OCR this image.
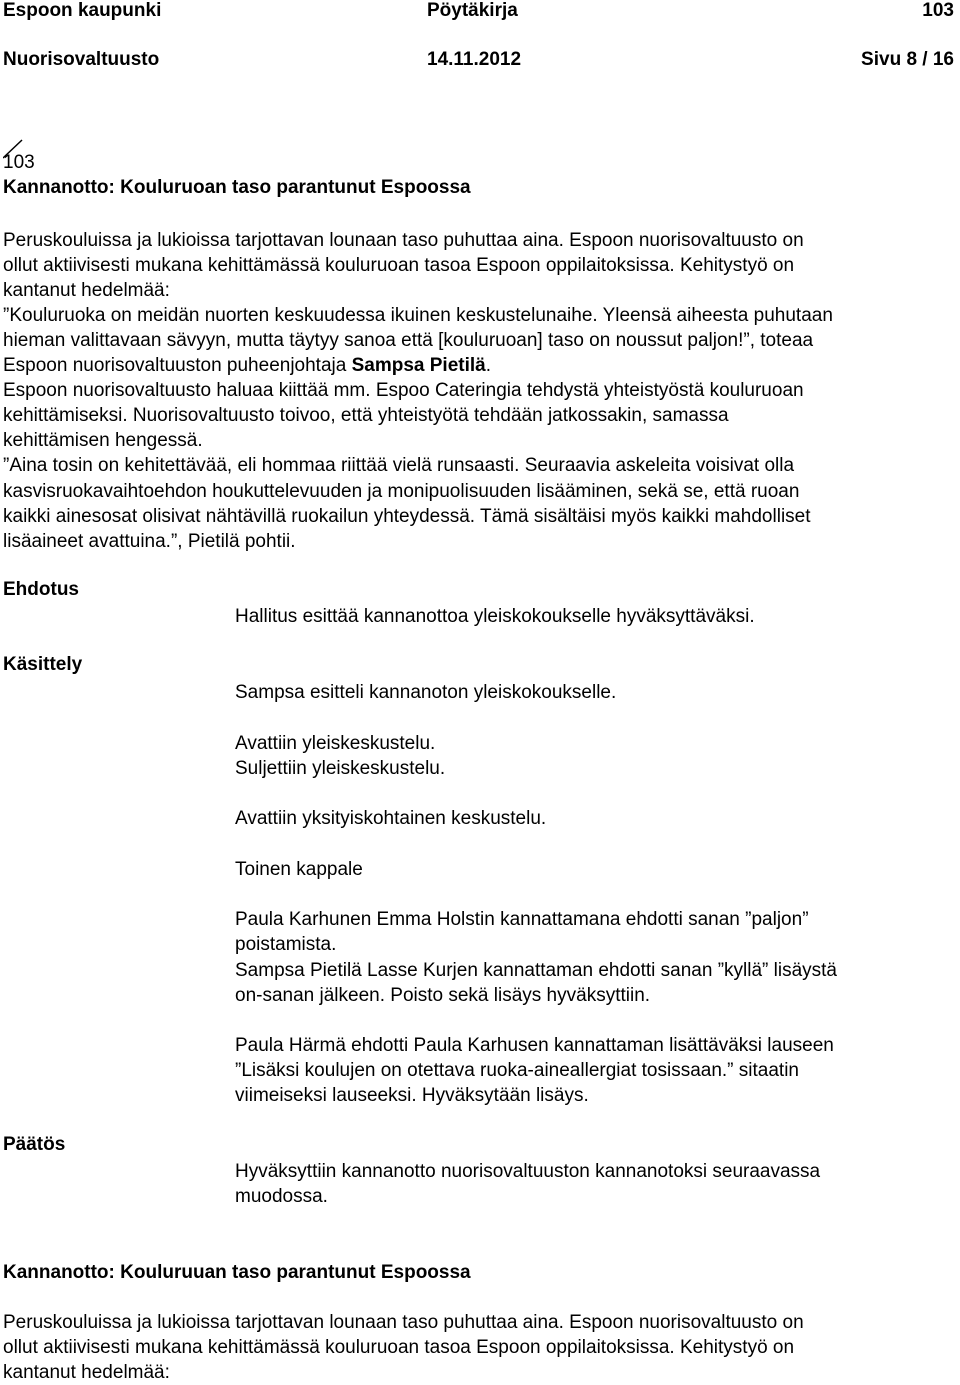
Espoon kaupunki	Pöytäkirja	103
Nuorisovaltuusto	14.11.2012	Sivu 8 / 16
103
Kannanotto: Kouluruoan taso parantunut Espoossa
Peruskouluissa ja lukioissa tarjottavan lounaan taso puhuttaa aina. Espoon nuorisovaltuusto on
ollut aktiivisesti mukana kehittämässä kouluruoan tasoa Espoon oppilaitoksissa. Kehitystyö on
kantanut hedelmää:
”Kouluruoka on meidän nuorten keskuudessa ikuinen keskustelunaihe. Yleensä aiheesta puhutaan
hieman valittavaan sävyyn, mutta täytyy sanoa että [kouluruoan] taso on noussut paljon!”, toteaa
Espoon nuorisovaltuuston puheenjohtaja Sampsa Pietilä.
Espoon nuorisovaltuusto haluaa kiittää mm. Espoo Cateringia tehdystä yhteistyöstä kouluruoan
kehittämiseksi. Nuorisovaltuusto toivoo, että yhteistyötä tehdään jatkossakin, samassa
kehittämisen hengessä.
”Aina tosin on kehitettävää, eli hommaa riittää vielä runsaasti. Seuraavia askeleita voisivat olla
kasvisruokavaihtoehdon houkuttelevuuden ja monipuolisuuden lisääminen, sekä se, että ruoan
kaikki ainesosat olisivat nähtävillä ruokailun yhteydessä. Tämä sisältäisi myös kaikki mahdolliset
lisäaineet avattuina.”, Pietilä pohtii.
Ehdotus
Hallitus esittää kannanottoa yleiskokoukselle hyväksyttäväksi.
Käsittely
Sampsa esitteli kannanoton yleiskokoukselle.
Avattiin yleiskeskustelu.
Suljettiin yleiskeskustelu.
Avattiin yksityiskohtainen keskustelu.
Toinen kappale
Paula Karhunen Emma Holstin kannattamana ehdotti sanan ”paljon”
poistamista.
Sampsa Pietilä Lasse Kurjen kannattaman ehdotti sanan ”kyllä” lisäystä
on-sanan jälkeen. Poisto sekä lisäys hyväksyttiin.
Paula Härmä ehdotti Paula Karhusen kannattaman lisättäväksi lauseen
”Lisäksi koulujen on otettava ruoka-aineallergiat tosissaan.” sitaatin
viimeiseksi lauseeksi. Hyväksytään lisäys.
Päätös
Hyväksyttiin kannanotto nuorisovaltuuston kannanotoksi seuraavassa
muodossa.
Kannanotto: Kouluruuan taso parantunut Espoossa
Peruskouluissa ja lukioissa tarjottavan lounaan taso puhuttaa aina. Espoon nuorisovaltuusto on
ollut aktiivisesti mukana kehittämässä kouluruoan tasoa Espoon oppilaitoksissa. Kehitystyö on
kantanut hedelmää:
